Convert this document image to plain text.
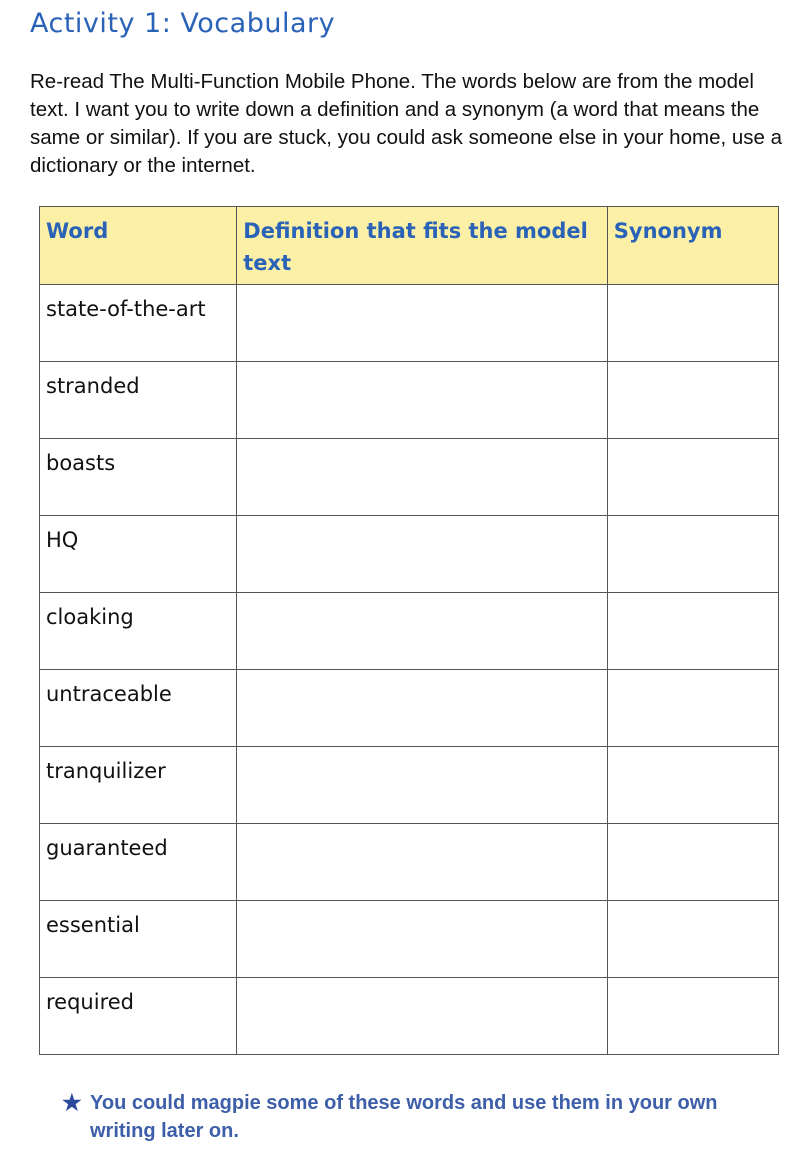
Activity 1: Vocabulary

Re-read The Multi-Function Mobile Phone. The words below are from the model text. I want you to write down a definition and a synonym (a word that means the same or similar). If you are stuck, you could ask someone else in your home, use a dictionary or the internet.

Word	Definition that fits the model text	Synonym
state-of-the-art		
stranded		
boasts		
HQ		
cloaking		
untraceable		
tranquilizer		
guaranteed		
essential		
required		
★ You could magpie some of these words and use them in your own writing later on.
